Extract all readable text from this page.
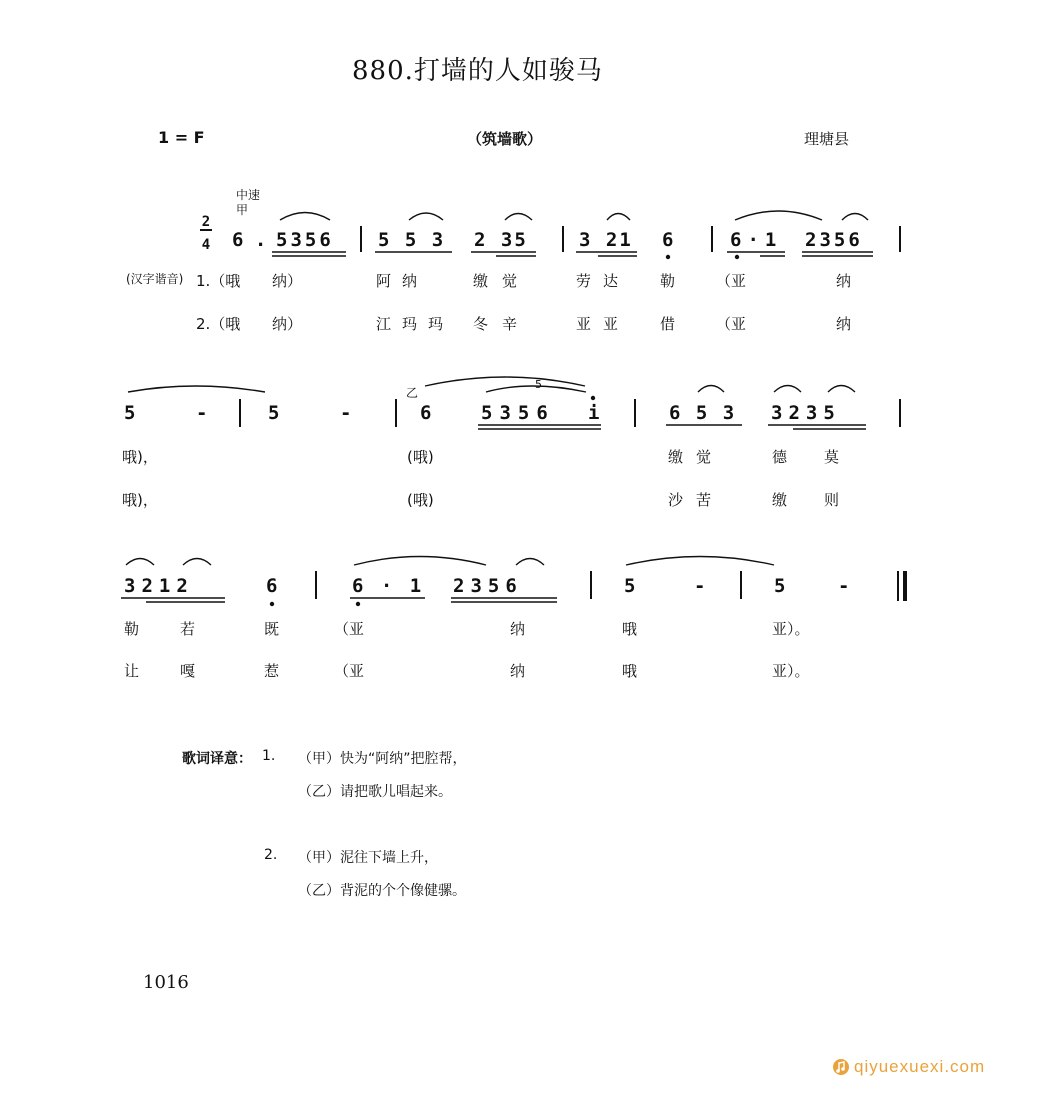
880.打墙的人如骏马
1 = F	（筑墙歌）	理塘县
中速
甲
2
4 6 . 5356 5 5 3 2 35	3 21 6	6·1 2356
(汉字谐音) 1.（哦 纳）	阿 纳	缴 觉	劳 达	勒	（亚	纳
2.（哦 纳）	江 玛 玛 冬 辛	亚 亚	借	（亚	纳
乙
5
5	-	5	-	6	5356 i	6 5 3 3235
哦)，	(哦)	缴 觉	德 莫
哦)，	(哦)	沙 苦	缴 则
3212	6	6 · 1 2356	5	-	5	-
勒	若	既	（亚	纳	哦	亚）。
让	嘎	惹	（亚	纳	哦	亚）。
歌词译意： 1. （甲）快为“阿纳”把腔帮，
（乙）请把歌儿唱起来。
2. （甲）泥往下墙上升，
（乙）背泥的个个像健骡。
1016
qiyuexuexi.com
